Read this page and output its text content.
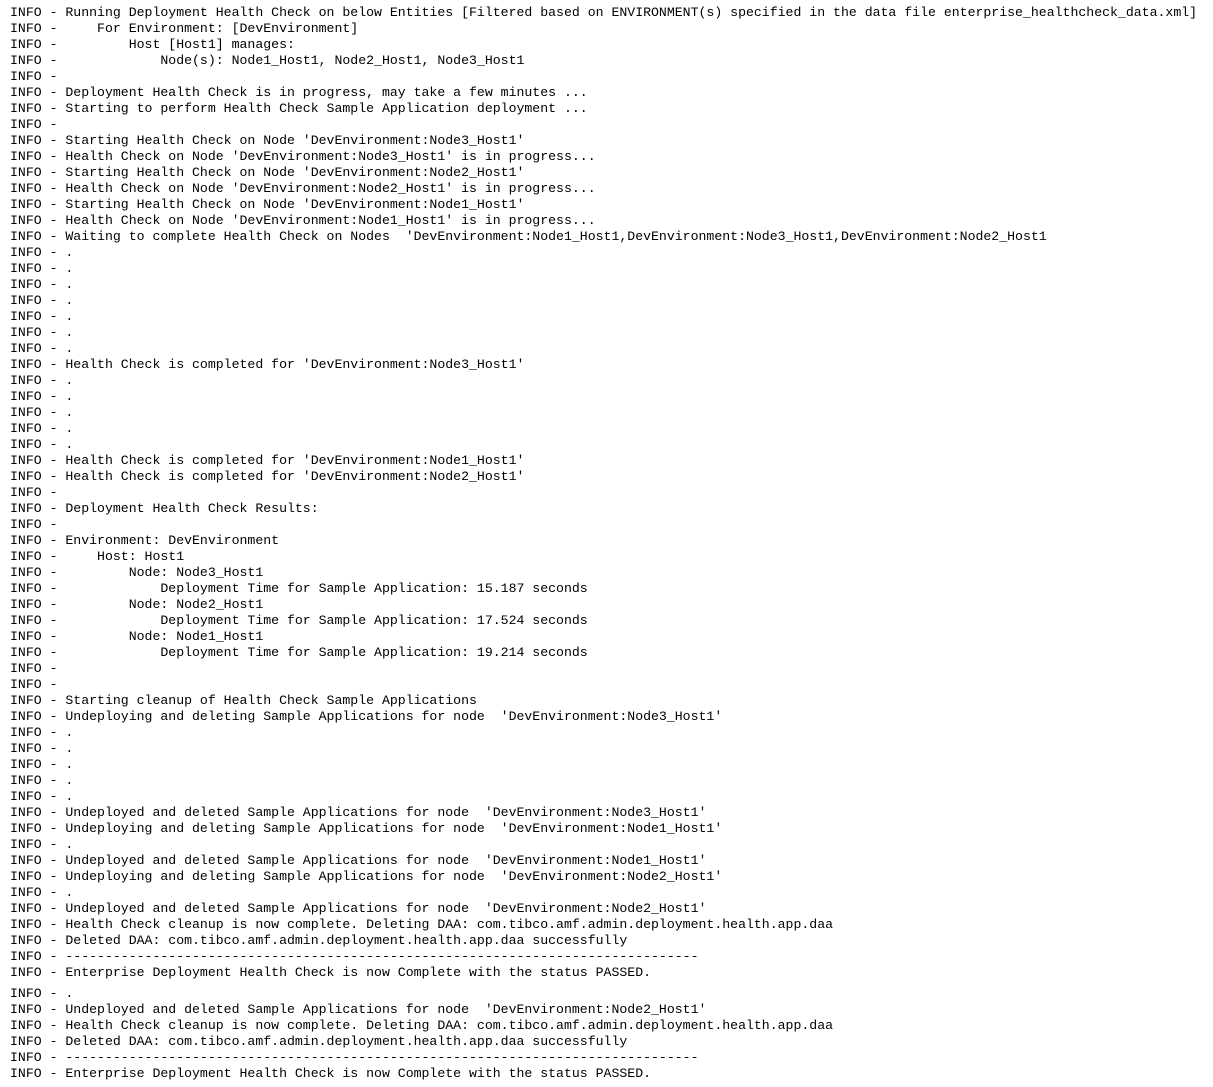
INFO - Running Deployment Health Check on below Entities [Filtered based on ENVIRONMENT(s) specified in the data file enterprise_healthcheck_data.xml]
INFO -     For Environment: [DevEnvironment]
INFO -         Host [Host1] manages:
INFO -             Node(s): Node1_Host1, Node2_Host1, Node3_Host1
INFO -
INFO - Deployment Health Check is in progress, may take a few minutes ...
INFO - Starting to perform Health Check Sample Application deployment ...
INFO -
INFO - Starting Health Check on Node 'DevEnvironment:Node3_Host1'
INFO - Health Check on Node 'DevEnvironment:Node3_Host1' is in progress...
INFO - Starting Health Check on Node 'DevEnvironment:Node2_Host1'
INFO - Health Check on Node 'DevEnvironment:Node2_Host1' is in progress...
INFO - Starting Health Check on Node 'DevEnvironment:Node1_Host1'
INFO - Health Check on Node 'DevEnvironment:Node1_Host1' is in progress...
INFO - Waiting to complete Health Check on Nodes  'DevEnvironment:Node1_Host1,DevEnvironment:Node3_Host1,DevEnvironment:Node2_Host1
INFO - .
INFO - .
INFO - .
INFO - .
INFO - .
INFO - .
INFO - .
INFO - Health Check is completed for 'DevEnvironment:Node3_Host1'
INFO - .
INFO - .
INFO - .
INFO - .
INFO - .
INFO - Health Check is completed for 'DevEnvironment:Node1_Host1'
INFO - Health Check is completed for 'DevEnvironment:Node2_Host1'
INFO -
INFO - Deployment Health Check Results:
INFO -
INFO - Environment: DevEnvironment
INFO -     Host: Host1
INFO -         Node: Node3_Host1
INFO -             Deployment Time for Sample Application: 15.187 seconds
INFO -         Node: Node2_Host1
INFO -             Deployment Time for Sample Application: 17.524 seconds
INFO -         Node: Node1_Host1
INFO -             Deployment Time for Sample Application: 19.214 seconds
INFO -
INFO -
INFO - Starting cleanup of Health Check Sample Applications
INFO - Undeploying and deleting Sample Applications for node  'DevEnvironment:Node3_Host1'
INFO - .
INFO - .
INFO - .
INFO - .
INFO - .
INFO - Undeployed and deleted Sample Applications for node  'DevEnvironment:Node3_Host1'
INFO - Undeploying and deleting Sample Applications for node  'DevEnvironment:Node1_Host1'
INFO - .
INFO - Undeployed and deleted Sample Applications for node  'DevEnvironment:Node1_Host1'
INFO - Undeploying and deleting Sample Applications for node  'DevEnvironment:Node2_Host1'
INFO - .
INFO - Undeployed and deleted Sample Applications for node  'DevEnvironment:Node2_Host1'
INFO - Health Check cleanup is now complete. Deleting DAA: com.tibco.amf.admin.deployment.health.app.daa
INFO - Deleted DAA: com.tibco.amf.admin.deployment.health.app.daa successfully
INFO - --------------------------------------------------------------------------------
INFO - Enterprise Deployment Health Check is now Complete with the status PASSED.
INFO - .
INFO - Undeployed and deleted Sample Applications for node  'DevEnvironment:Node2_Host1'
INFO - Health Check cleanup is now complete. Deleting DAA: com.tibco.amf.admin.deployment.health.app.daa
INFO - Deleted DAA: com.tibco.amf.admin.deployment.health.app.daa successfully
INFO - --------------------------------------------------------------------------------
INFO - Enterprise Deployment Health Check is now Complete with the status PASSED.
